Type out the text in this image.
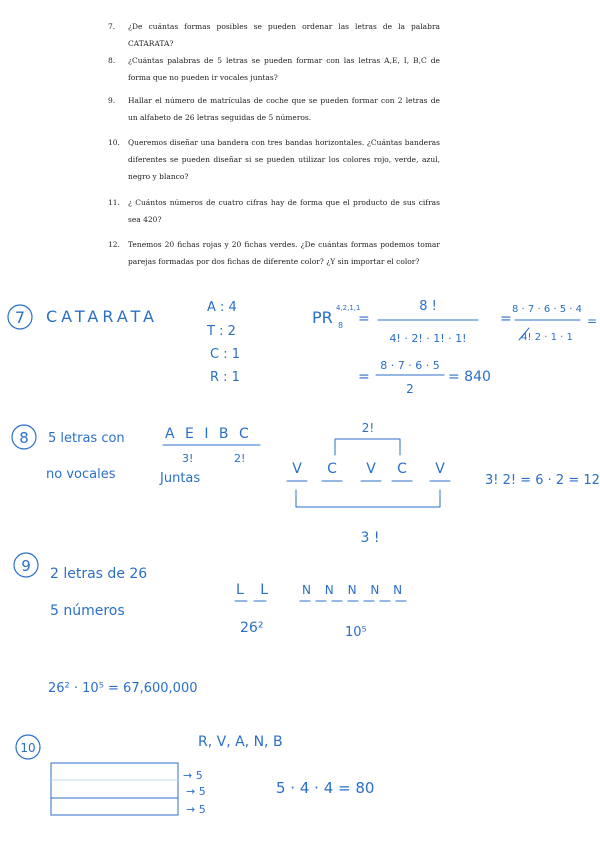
7. ¿De cuántas formas posibles se pueden ordenar las letras de la palabra CATARATA?
8. ¿Cuántas palabras de 5 letras se pueden formar con las letras A,E, I, B,C de forma que no pueden ir vocales juntas?
9. Hallar el número de matrículas de coche que se pueden formar con 2 letras de un alfabeto de 26 letras seguidas de 5 números.
10. Queremos diseñar una bandera con tres bandas horizontales. ¿Cuántas banderas diferentes se pueden diseñar si se pueden utilizar los colores rojo, verde, azul, negro y blanco?
11. ¿ Cuántos números de cuatro cifras hay de forma que el producto de sus cifras sea 420?
12. Tenemos 20 fichas rojas y 20 fichas verdes. ¿De cuántas formas podemos tomar parejas formadas por dos fichas de diferente color? ¿Y sin importar el color?
7 CATARATA	A : 4
T : 2
C : 1
R : 1
PR 4,2,1,1
8 =
8 !
4! · 2! · 1! · 1!
=
8 · 7 · 6 · 5 · 4
4! 2 · 1 · 1
=
=
8 · 7 · 6 · 5
2
= 840
8 5 letras con	A E I B C
3!	2!
no vocales	Juntas
2!
V C V C V
3 !
3! 2! = 6 · 2 = 12
9 2 letras de 26
5 números
L L
26²
N N N N N
10⁵
26² · 10⁵ = 67,600,000
10	R, V, A, N, B
→ 5
→ 5
→ 5
5 · 4 · 4 = 80
